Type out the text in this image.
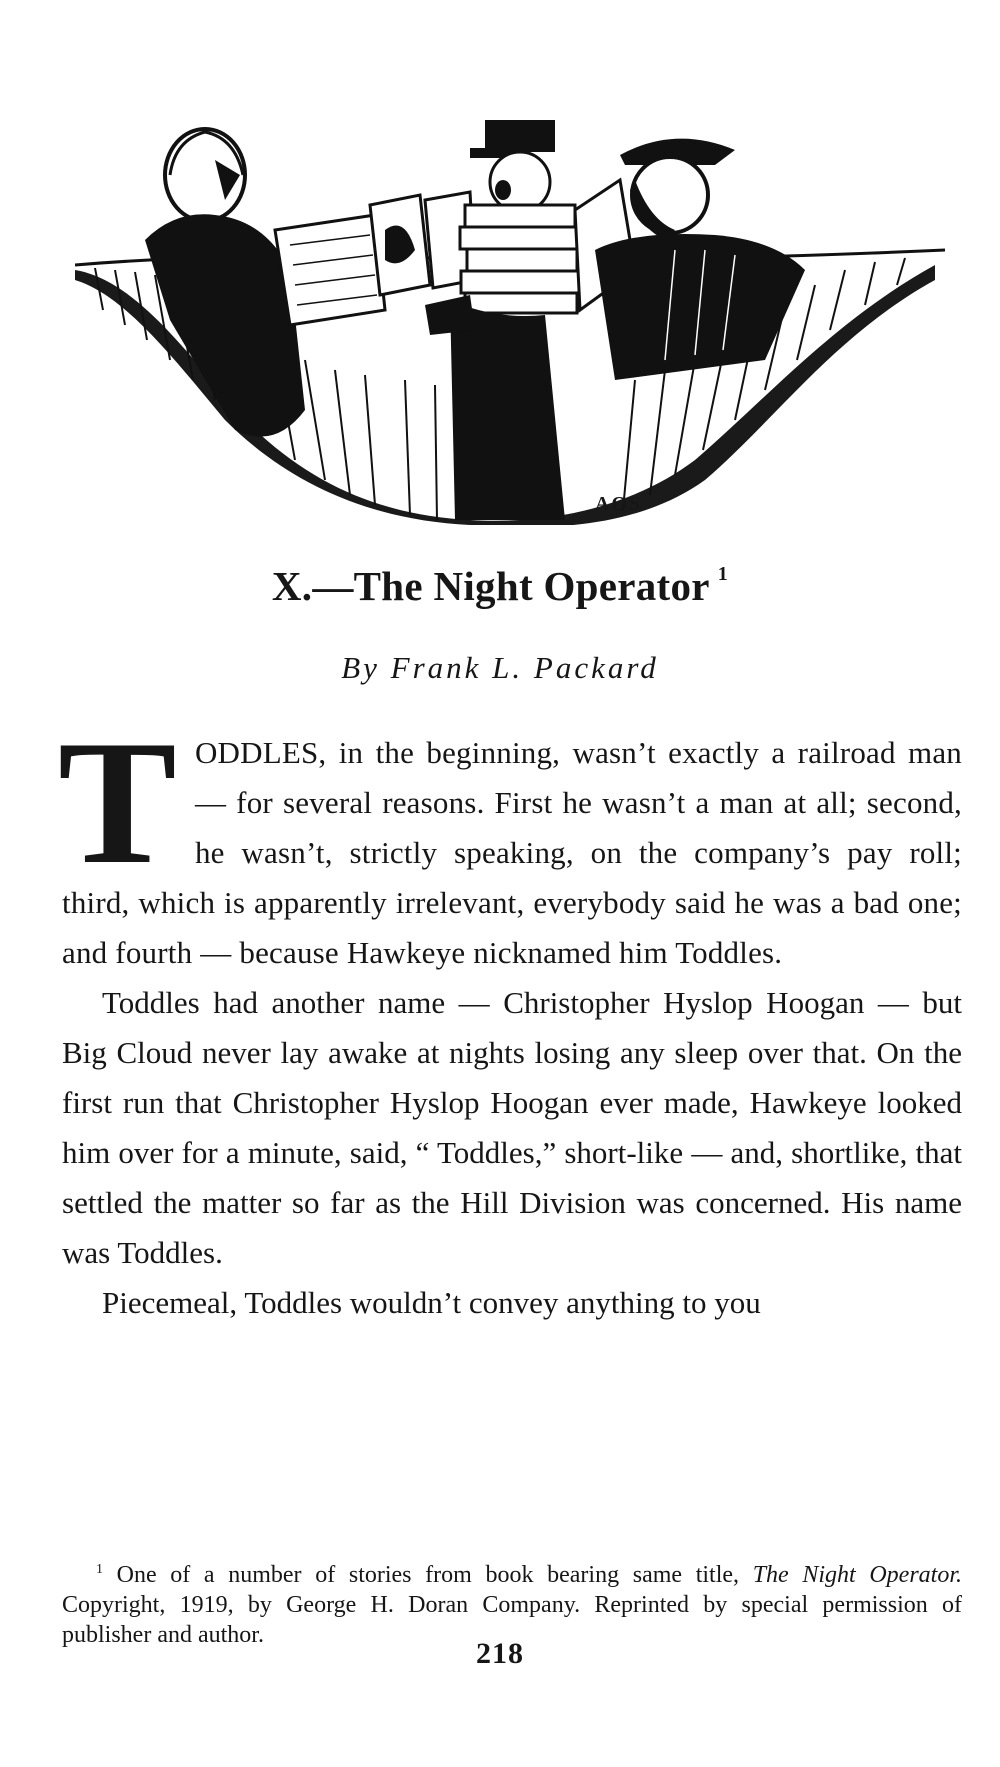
AOS
X.—The Night Operator $^1$

By Frank L. Packard

TODDLES, in the beginning, wasn’t exactly a railroad man — for several reasons. First he wasn’t a man at all; second, he wasn’t, strictly speaking, on the company’s pay roll; third, which is apparently irrelevant, everybody said he was a bad one; and fourth — because Hawkeye nicknamed him Toddles.

Toddles had another name — Christopher Hyslop Hoogan — but Big Cloud never lay awake at nights losing any sleep over that. On the first run that Christopher Hyslop Hoogan ever made, Hawkeye looked him over for a minute, said, “ Toddles,” short-like — and, shortlike, that settled the matter so far as the Hill Division was concerned. His name was Toddles.

Piecemeal, Toddles wouldn’t convey anything to you

$^1$ One of a number of stories from book bearing same title, The Night Operator. Copyright, 1919, by George H. Doran Company. Reprinted by special permission of publisher and author.

218
